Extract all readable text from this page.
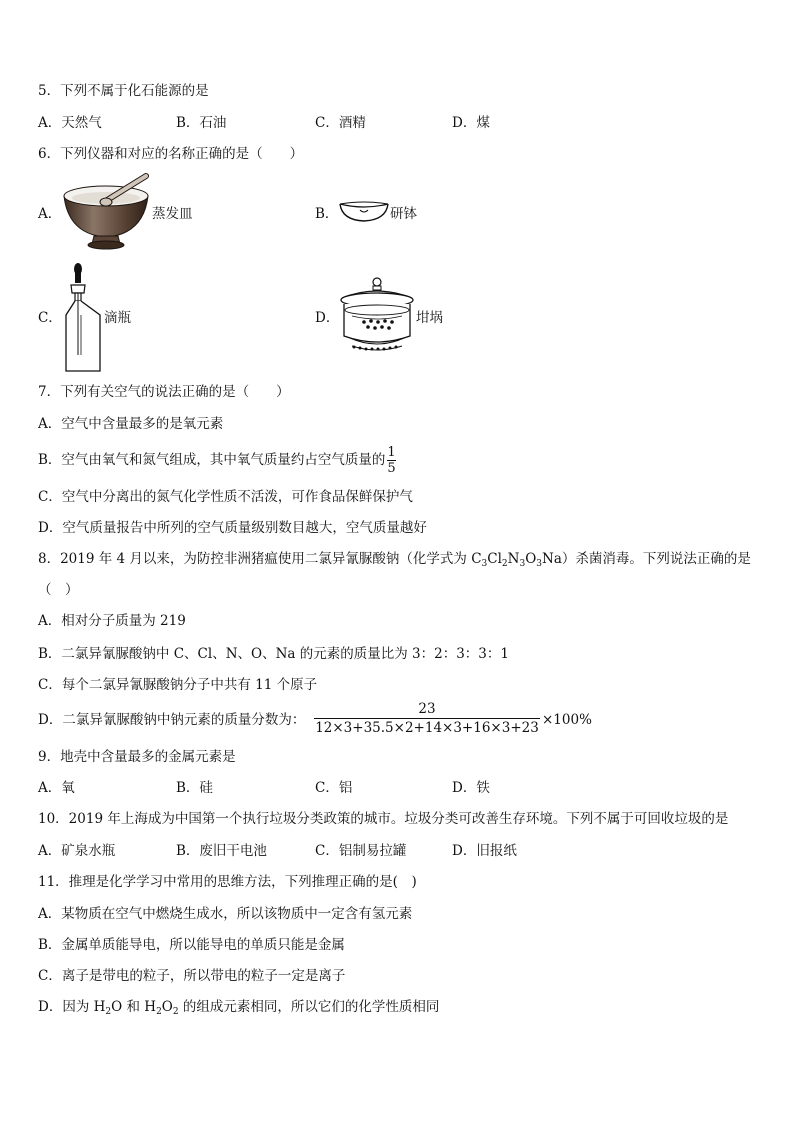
5．下列不属于化石能源的是
A．天然气	B．石油	C．酒精	D．煤
6．下列仪器和对应的名称正确的是（　　）
A．	蒸发皿	B．	研钵
C．	滴瓶	D．	坩埚
7．下列有关空气的说法正确的是（　　）
A．空气中含量最多的是氧元素
B．空气由氧气和氮气组成，其中氧气质量约占空气质量的 $\frac{1}{5}$
C．空气中分离出的氮气化学性质不活泼，可作食品保鲜保护气
D．空气质量报告中所列的空气质量级别数目越大，空气质量越好
8．2019 年 4 月以来，为防控非洲猪瘟使用二氯异氰脲酸钠（化学式为 $C_3Cl_2N_3O_3Na$）杀菌消毒。下列说法正确的是
（　）
A．相对分子质量为 219
B．二氯异氰脲酸钠中 C、Cl、N、O、Na 的元素的质量比为 3：2：3：3：1
C．每个二氯异氰脲酸钠分子中共有 11 个原子
D．二氯异氰脲酸钠中钠元素的质量分数为： $\frac{23}{12\times 3+35.5\times 2+14\times 3+16\times 3+23} \times 100\%$
9．地壳中含量最多的金属元素是
A．氧	B．硅	C．铝	D．铁
10．2019 年上海成为中国第一个执行垃圾分类政策的城市。垃圾分类可改善生存环境。下列不属于可回收垃圾的是
A．矿泉水瓶	B．废旧干电池	C．铝制易拉罐	D．旧报纸
11．推理是化学学习中常用的思维方法，下列推理正确的是(　)
A．某物质在空气中燃烧生成水，所以该物质中一定含有氢元素
B．金属单质能导电，所以能导电的单质只能是金属
C．离子是带电的粒子，所以带电的粒子一定是离子
D．因为 $H_2O$ 和 $H_2O_2$ 的组成元素相同，所以它们的化学性质相同
